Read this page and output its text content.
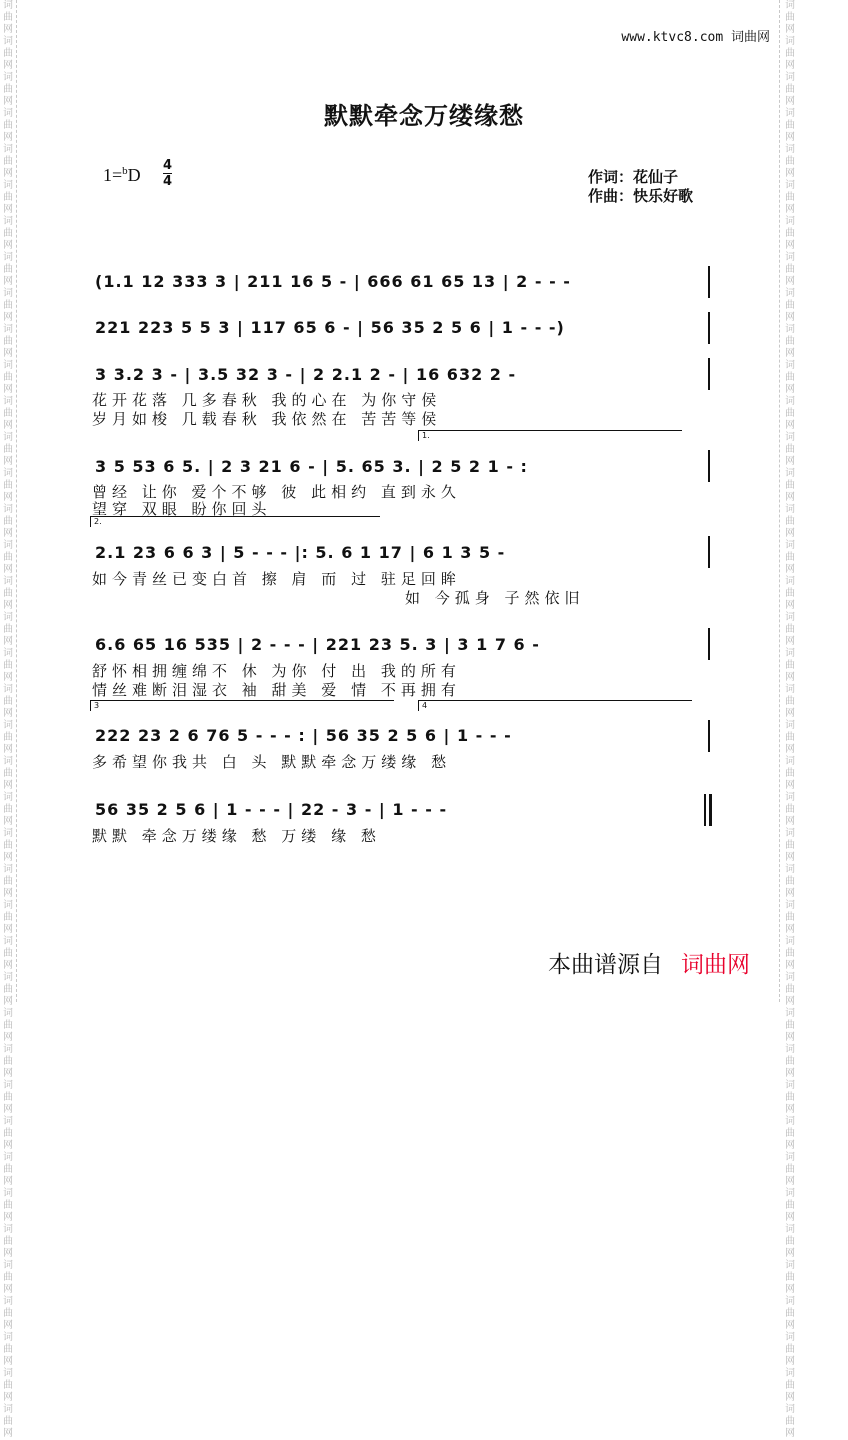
词曲网词曲网词曲网词曲网词曲网词曲网词曲网词曲网词曲网词曲网词曲网词曲网词曲网词曲网词曲网词曲网词曲网词曲网词曲网词曲网词曲网词曲网词曲网词曲网词曲网词曲网词曲网词曲网词曲网词曲网词曲网词曲网词曲网词曲网词曲网词曲网词曲网词曲网词曲网词曲网
词曲网词曲网词曲网词曲网词曲网词曲网词曲网词曲网词曲网词曲网词曲网词曲网词曲网词曲网词曲网词曲网词曲网词曲网词曲网词曲网词曲网词曲网词曲网词曲网词曲网词曲网词曲网词曲网词曲网词曲网词曲网词曲网词曲网词曲网词曲网词曲网词曲网词曲网词曲网词曲网
www.ktvc8.com 词曲网
默默牵念万缕缘愁
1=$^b$D 4
4	作词：花仙子
作曲：快乐好歌
(1.1 12 333 3 | 211 16 5 - | 666 61 65 13 | 2 - - -
221 223 5 5 3 | 117 65 6 - | 56 35 2 5 6 | 1 - - -)
3 3.2 3 - | 3.5 32 3 - | 2 2.1 2 - | 16 632 2 -
花开花落 几多春秋 我的心在 为你守侯
岁月如梭 几载春秋 我依然在 苦苦等侯
1.
3 5 53 6 5. | 2 3 21 6 - | 5. 65 3. | 2 5 2 1 - :
曾经 让你 爱个不够 彼 此相约 直到永久
望穿 双眼 盼你回头
2.
2.1 23 6 6 3 | 5 - - - |: 5. 6 1 17 | 6 1 3 5 -
如今青丝已变白首 擦 肩 而 过 驻足回眸
如 今孤身 子然依旧
6.6 65 16 535 | 2 - - - | 221 23 5. 3 | 3 1 7 6 -
舒怀相拥缠绵不 休 为你 付 出 我的所有
情丝难断泪湿衣 袖 甜美 爱 情 不再拥有
3	4
222 23 2 6 76 5 - - - : | 56 35 2 5 6 | 1 - - -
多希望你我共 白 头 默默牵念万缕缘 愁
56 35 2 5 6 | 1 - - - | 22 - 3 - | 1 - - -
默默 牵念万缕缘 愁 万缕 缘 愁
本曲谱源自 词曲网
